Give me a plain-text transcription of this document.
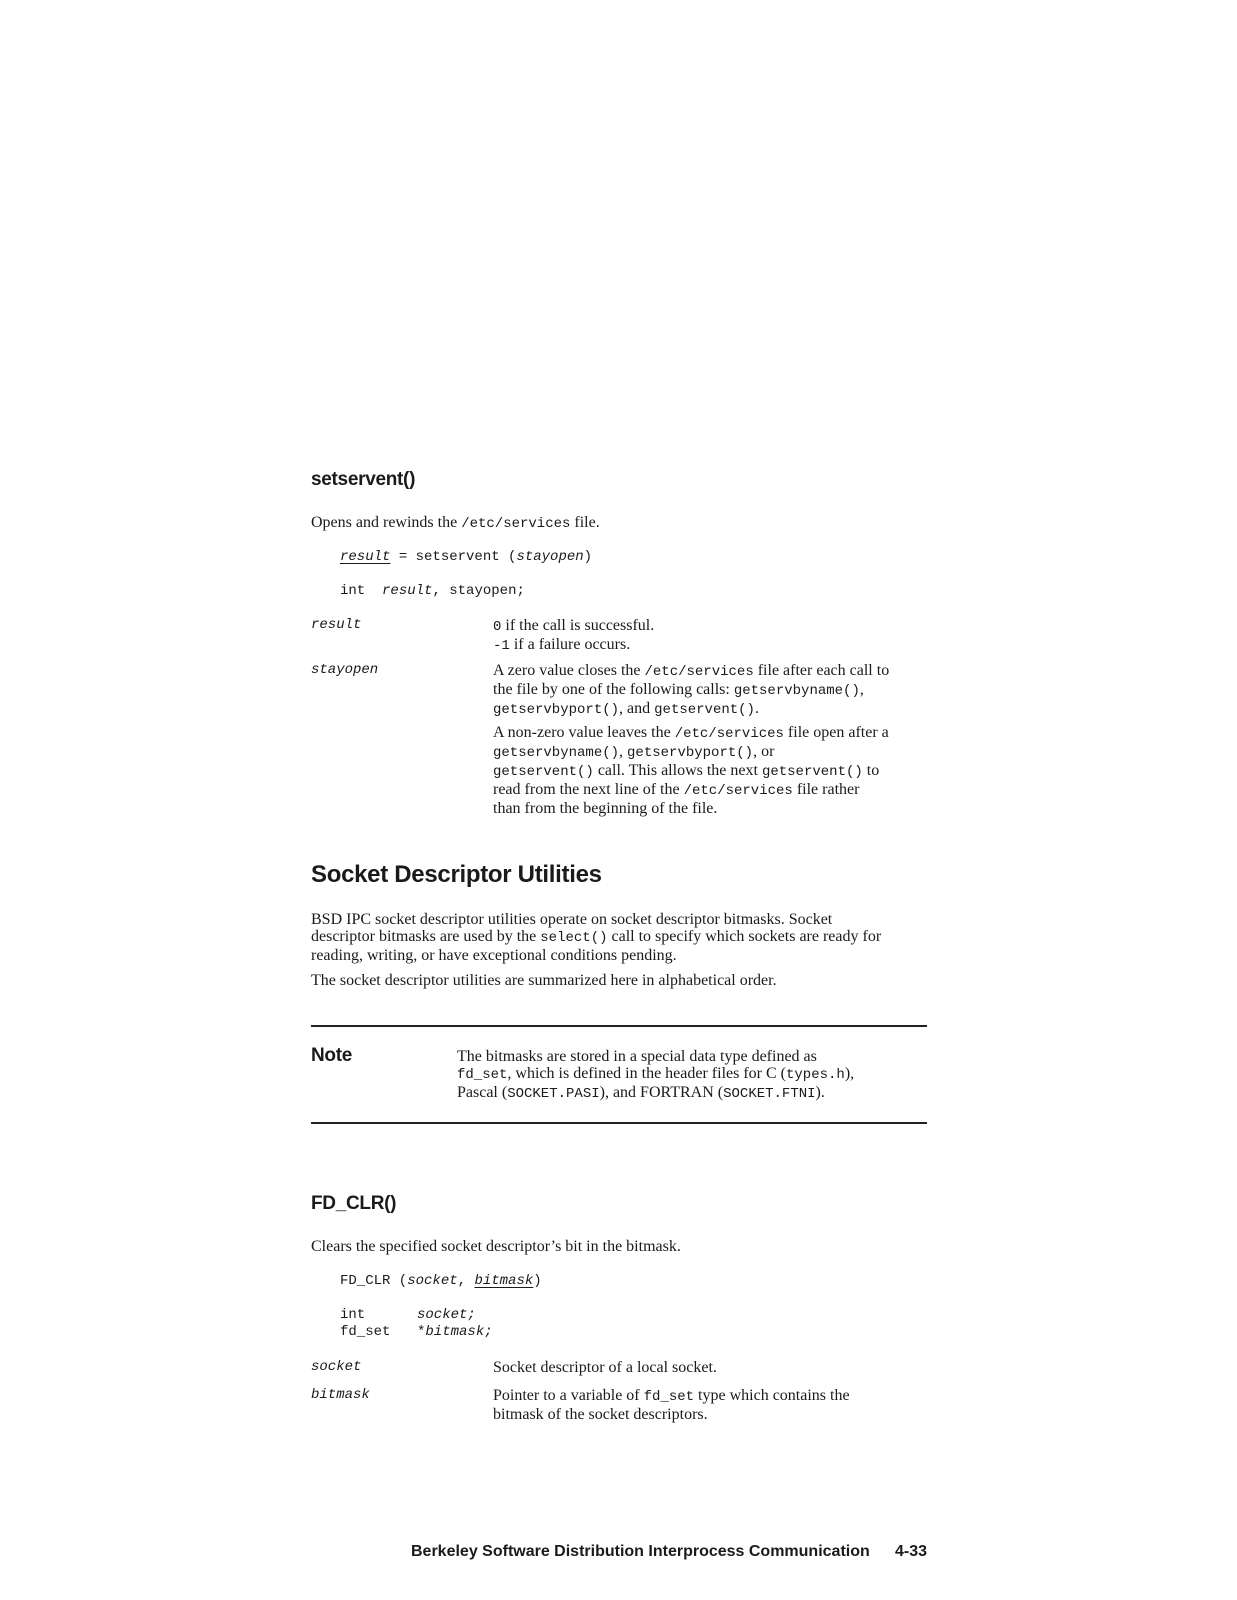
setservent()
Opens and rewinds the /etc/services file.
result = setservent (stayopen)
int result, stayopen;
result	0 if the call is successful.
-1 if a failure occurs.
stayopen	A zero value closes the /etc/services file after each call to
the file by one of the following calls: getservbyname(),
getservbyport(), and getservent().
A non-zero value leaves the /etc/services file open after a
getservbyname(), getservbyport(), or
getservent() call. This allows the next getservent() to
read from the next line of the /etc/services file rather
than from the beginning of the file.
Socket Descriptor Utilities
BSD IPC socket descriptor utilities operate on socket descriptor bitmasks. Socket
descriptor bitmasks are used by the select() call to specify which sockets are ready for
reading, writing, or have exceptional conditions pending.
The socket descriptor utilities are summarized here in alphabetical order.
Note	The bitmasks are stored in a special data type defined as
fd_set, which is defined in the header files for C (types.h),
Pascal (SOCKET.PASI), and FORTRAN (SOCKET.FTNI).
FD_CLR()
Clears the specified socket descriptor’s bit in the bitmask.
FD_CLR (socket, bitmask)
int	socket;
fd_set *bitmask;
socket	Socket descriptor of a local socket.
bitmask	Pointer to a variable of fd_set type which contains the
bitmask of the socket descriptors.
Berkeley Software Distribution Interprocess Communication 4-33
